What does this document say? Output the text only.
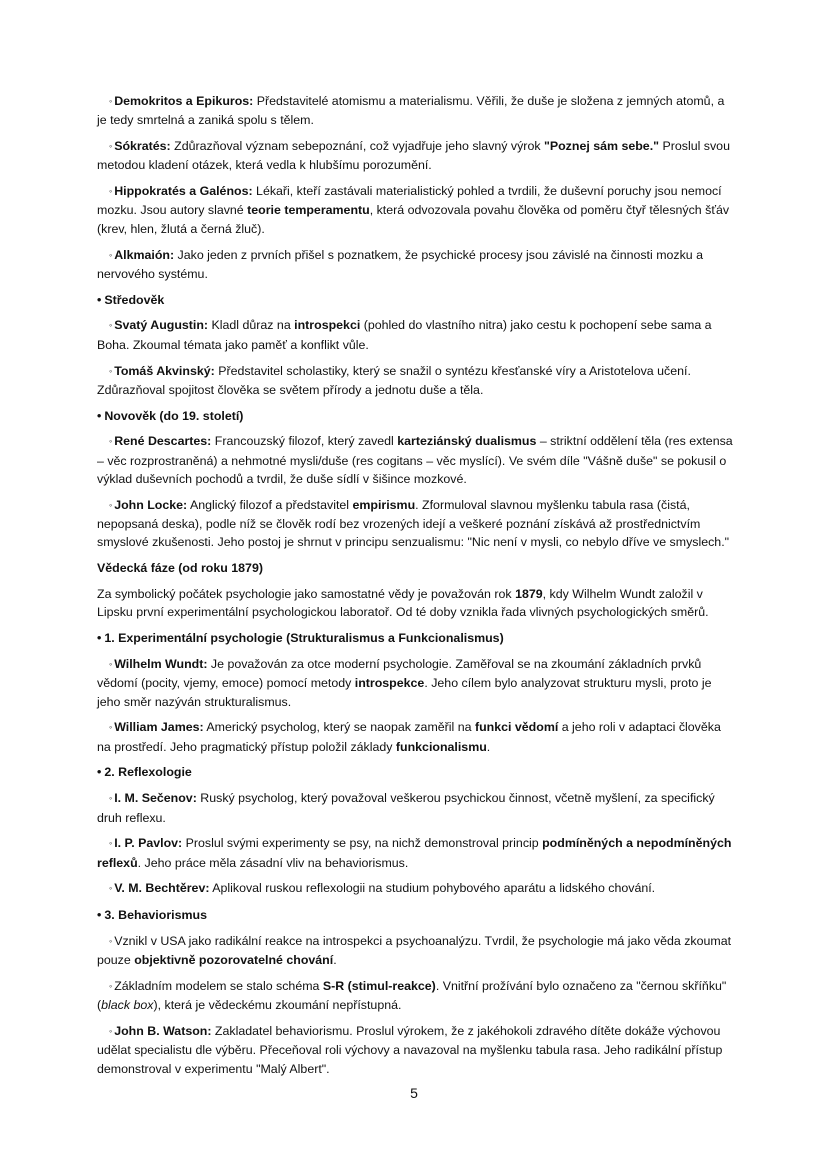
◦ Demokritos a Epikuros: Představitelé atomismu a materialismu. Věřili, že duše je složena z jemných atomů, a je tedy smrtelná a zaniká spolu s tělem.

◦ Sókratés: Zdůrazňoval význam sebepoznání, což vyjadřuje jeho slavný výrok "Poznej sám sebe." Proslul svou metodou kladení otázek, která vedla k hlubšímu porozumění.

◦ Hippokratés a Galénos: Lékaři, kteří zastávali materialistický pohled a tvrdili, že duševní poruchy jsou nemocí mozku. Jsou autory slavné teorie temperamentu, která odvozovala povahu člověka od poměru čtyř tělesných šťáv (krev, hlen, žlutá a černá žluč).

◦ Alkmaión: Jako jeden z prvních přišel s poznatkem, že psychické procesy jsou závislé na činnosti mozku a nervového systému.

• Středověk

◦ Svatý Augustin: Kladl důraz na introspekci (pohled do vlastního nitra) jako cestu k pochopení sebe sama a Boha. Zkoumal témata jako paměť a konflikt vůle.

◦ Tomáš Akvinský: Představitel scholastiky, který se snažil o syntézu křesťanské víry a Aristotelova učení. Zdůrazňoval spojitost člověka se světem přírody a jednotu duše a těla.

• Novověk (do 19. století)

◦ René Descartes: Francouzský filozof, který zavedl karteziánský dualismus – striktní oddělení těla (res extensa – věc rozprostraněná) a nehmotné mysli/duše (res cogitans – věc myslící). Ve svém díle "Vášně duše" se pokusil o výklad duševních pochodů a tvrdil, že duše sídlí v šišince mozkové.

◦ John Locke: Anglický filozof a představitel empirismu. Zformuloval slavnou myšlenku tabula rasa (čistá, nepopsaná deska), podle níž se člověk rodí bez vrozených idejí a veškeré poznání získává až prostřednictvím smyslové zkušenosti. Jeho postoj je shrnut v principu senzualismu: "Nic není v mysli, co nebylo dříve ve smyslech."

Vědecká fáze (od roku 1879)

Za symbolický počátek psychologie jako samostatné vědy je považován rok 1879, kdy Wilhelm Wundt založil v Lipsku první experimentální psychologickou laboratoř. Od té doby vznikla řada vlivných psychologických směrů.

• 1. Experimentální psychologie (Strukturalismus a Funkcionalismus)

◦ Wilhelm Wundt: Je považován za otce moderní psychologie. Zaměřoval se na zkoumání základních prvků vědomí (pocity, vjemy, emoce) pomocí metody introspekce. Jeho cílem bylo analyzovat strukturu mysli, proto je jeho směr nazýván strukturalismus.

◦ William James: Americký psycholog, který se naopak zaměřil na funkci vědomí a jeho roli v adaptaci člověka na prostředí. Jeho pragmatický přístup položil základy funkcionalismu.

• 2. Reflexologie

◦ I. M. Sečenov: Ruský psycholog, který považoval veškerou psychickou činnost, včetně myšlení, za specifický druh reflexu.

◦ I. P. Pavlov: Proslul svými experimenty se psy, na nichž demonstroval princip podmíněných a nepodmíněných reflexů. Jeho práce měla zásadní vliv na behaviorismus.

◦ V. M. Bechtěrev: Aplikoval ruskou reflexologii na studium pohybového aparátu a lidského chování.

• 3. Behaviorismus

◦ Vznikl v USA jako radikální reakce na introspekci a psychoanalýzu. Tvrdil, že psychologie má jako věda zkoumat pouze objektivně pozorovatelné chování.

◦ Základním modelem se stalo schéma S-R (stimul-reakce). Vnitřní prožívání bylo označeno za "černou skříňku" (black box), která je vědeckému zkoumání nepřístupná.

◦ John B. Watson: Zakladatel behaviorismu. Proslul výrokem, že z jakéhokoli zdravého dítěte dokáže výchovou udělat specialistu dle výběru. Přeceňoval roli výchovy a navazoval na myšlenku tabula rasa. Jeho radikální přístup demonstroval v experimentu "Malý Albert".

5
